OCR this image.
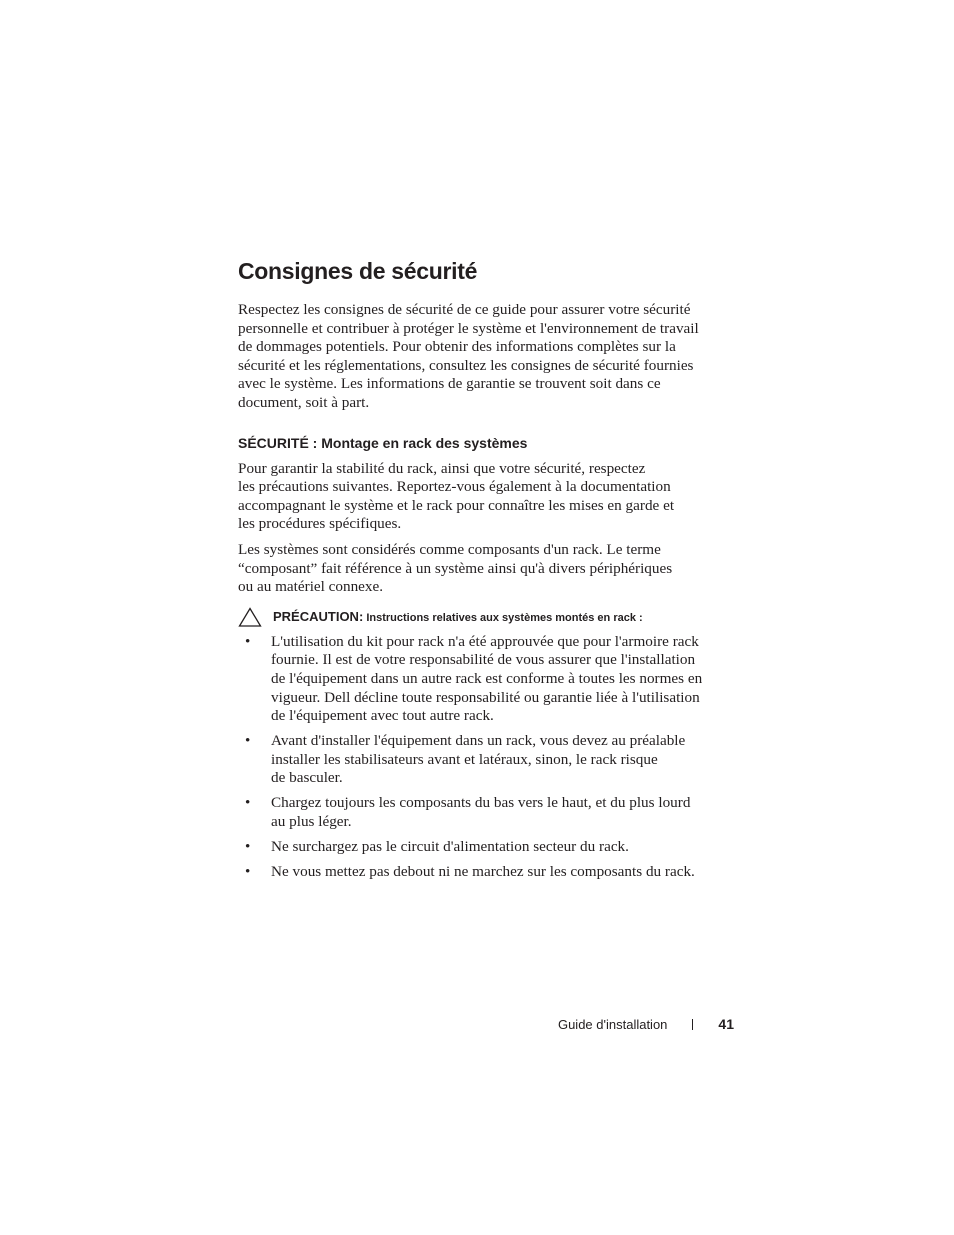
Consignes de sécurité

Respectez les consignes de sécurité de ce guide pour assurer votre sécurité
personnelle et contribuer à protéger le système et l'environnement de travail
de dommages potentiels. Pour obtenir des informations complètes sur la
sécurité et les réglementations, consultez les consignes de sécurité fournies
avec le système. Les informations de garantie se trouvent soit dans ce
document, soit à part.

SÉCURITÉ : Montage en rack des systèmes

Pour garantir la stabilité du rack, ainsi que votre sécurité, respectez
les précautions suivantes. Reportez-vous également à la documentation
accompagnant le système et le rack pour connaître les mises en garde et
les procédures spécifiques.

Les systèmes sont considérés comme composants d'un rack. Le terme
“composant” fait référence à un système ainsi qu'à divers périphériques
ou au matériel connexe.

PRÉCAUTION: Instructions relatives aux systèmes montés en rack :
• L'utilisation du kit pour rack n'a été approuvée que pour l'armoire rack
fournie. Il est de votre responsabilité de vous assurer que l'installation
de l'équipement dans un autre rack est conforme à toutes les normes en
vigueur. Dell décline toute responsabilité ou garantie liée à l'utilisation
de l'équipement avec tout autre rack.
• Avant d'installer l'équipement dans un rack, vous devez au préalable
installer les stabilisateurs avant et latéraux, sinon, le rack risque
de basculer.
• Chargez toujours les composants du bas vers le haut, et du plus lourd
au plus léger.
• Ne surchargez pas le circuit d'alimentation secteur du rack.
• Ne vous mettez pas debout ni ne marchez sur les composants du rack.
Guide d'installation	41
